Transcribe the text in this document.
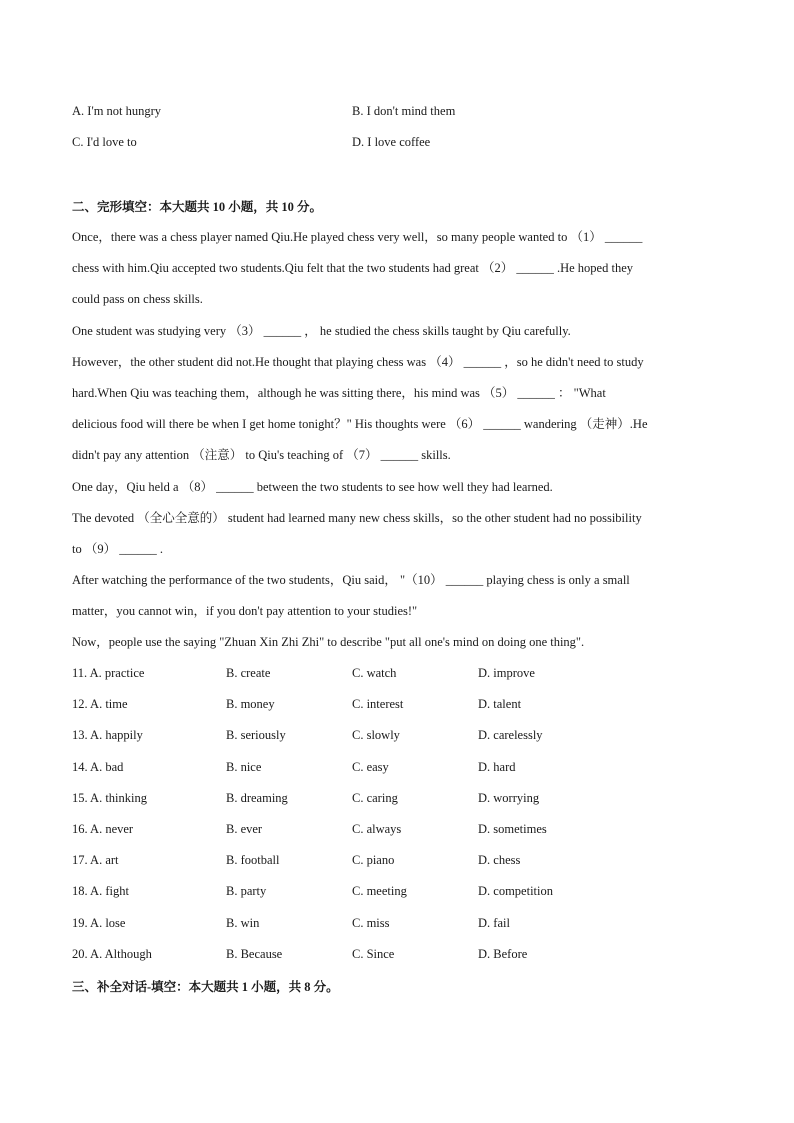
A. I'm not hungry	B. I don't mind them
C. I'd love to	D. I love coffee
二、完形填空：本大题共 10 小题，共 10 分。
Once，there was a chess player named Qiu.He played chess very well，so many people wanted to （1） ______
chess with him.Qiu accepted two students.Qiu felt that the two students had great （2） ______ .He hoped they
could pass on chess skills.
One student was studying very （3） ______ ， he studied the chess skills taught by Qiu carefully.
However，the other student did not.He thought that playing chess was （4） ______ ，so he didn't need to study
hard.When Qiu was teaching them，although he was sitting there，his mind was （5） ______ ： "What
delicious food will there be when I get home tonight？" His thoughts were （6） ______ wandering （走神）.He
didn't pay any attention （注意） to Qiu's teaching of （7） ______ skills.
One day，Qiu held a （8） ______ between the two students to see how well they had learned.
The devoted （全心全意的） student had learned many new chess skills，so the other student had no possibility
to （9） ______ .
After watching the performance of the two students，Qiu said， "（10） ______ playing chess is only a small
matter，you cannot win，if you don't pay attention to your studies!"
Now，people use the saying "Zhuan Xin Zhi Zhi" to describe "put all one's mind on doing one thing".
11. A. practice	B. create	C. watch	D. improve
12. A. time	B. money	C. interest	D. talent
13. A. happily	B. seriously	C. slowly	D. carelessly
14. A. bad	B. nice	C. easy	D. hard
15. A. thinking	B. dreaming	C. caring	D. worrying
16. A. never	B. ever	C. always	D. sometimes
17. A. art	B. football	C. piano	D. chess
18. A. fight	B. party	C. meeting	D. competition
19. A. lose	B. win	C. miss	D. fail
20. A. Although	B. Because	C. Since	D. Before
三、补全对话-填空：本大题共 1 小题，共 8 分。
